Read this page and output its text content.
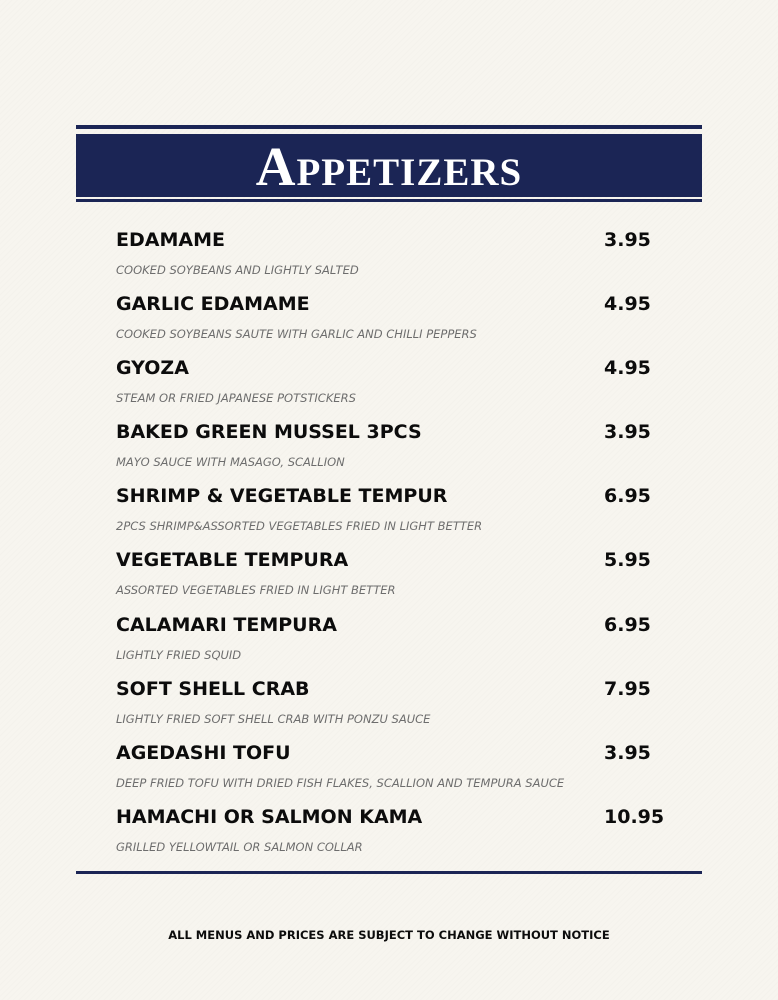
Appetizers
EDAMAME	3.95
COOKED SOYBEANS AND LIGHTLY SALTED
GARLIC EDAMAME	4.95
COOKED SOYBEANS SAUTE WITH GARLIC AND CHILLI PEPPERS
GYOZA	4.95
STEAM OR FRIED JAPANESE POTSTICKERS
BAKED GREEN MUSSEL 3PCS	3.95
MAYO SAUCE WITH MASAGO, SCALLION
SHRIMP & VEGETABLE TEMPUR	6.95
2PCS SHRIMP&ASSORTED VEGETABLES FRIED IN LIGHT BETTER
VEGETABLE TEMPURA	5.95
ASSORTED VEGETABLES FRIED IN LIGHT BETTER
CALAMARI TEMPURA	6.95
LIGHTLY FRIED SQUID
SOFT SHELL CRAB	7.95
LIGHTLY FRIED SOFT SHELL CRAB WITH PONZU SAUCE
AGEDASHI TOFU	3.95
DEEP FRIED TOFU WITH DRIED FISH FLAKES, SCALLION AND TEMPURA SAUCE
HAMACHI OR SALMON KAMA	10.95
GRILLED YELLOWTAIL OR SALMON COLLAR
ALL MENUS AND PRICES ARE SUBJECT TO CHANGE WITHOUT NOTICE
